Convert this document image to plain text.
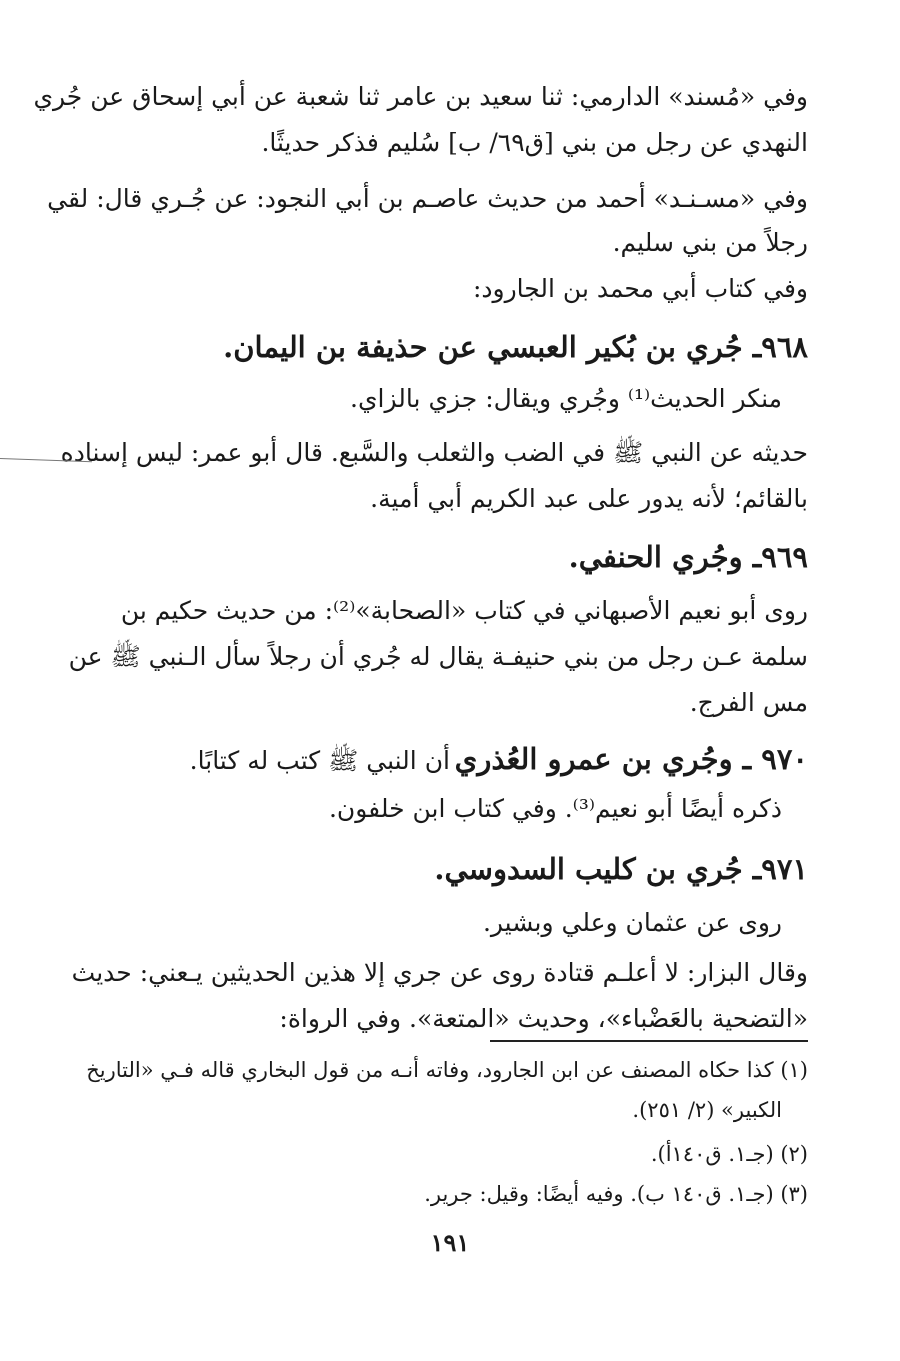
وفي «مُسند» الدارمي: ثنا سعيد بن عامر ثنا شعبة عن أبي إسحاق عن جُري

النهدي عن رجل من بني [ق٦٩/ ب] سُليم فذكر حديثًا.

وفي «مسـنـد» أحمد من حديث عاصـم بن أبي النجود: عن جُـري قال: لقي

رجلاً من بني سليم.

وفي كتاب أبي محمد بن الجارود:

٩٦٨ـ جُري بن بُكير العبسي عن حذيفة بن اليمان.

منكر الحديث⁽¹⁾ وجُري ويقال: جزي بالزاي.

حديثه عن النبي ﷺ في الضب والثعلب والسَّبع. قال أبو عمر: ليس إسناده

بالقائم؛ لأنه يدور على عبد الكريم أبي أمية.

٩٦٩ـ وجُري الحنفي.

روى أبو نعيم الأصبهاني في كتاب «الصحابة»⁽²⁾: من حديث حكيم بن

سلمة عـن رجل من بني حنيفـة يقال له جُري أن رجلاً سأل الـنبي ﷺ عن

مس الفرج.

٩٧٠ ـ وجُري بن عمرو العُذري

أن النبي ﷺ كتب له كتابًا.

ذكره أيضًا أبو نعيم⁽³⁾. وفي كتاب ابن خلفون.

٩٧١ـ جُري بن كليب السدوسي.

روى عن عثمان وعلي وبشير.

وقال البزار: لا أعلـم قتادة روى عن جري إلا هذين الحديثين يـعني: حديث

«التضحية بالعَضْباء»، وحديث «المتعة». وفي الرواة:

(١) كذا حكاه المصنف عن ابن الجارود، وفاته أنـه من قول البخاري قاله فـي «التاريخ

الكبير» (٢/ ٢٥١).

(٢) (جـ١. ق١٤٠أ).

(٣) (جـ١. ق١٤٠ ب). وفيه أيضًا: وقيل: جرير.

١٩١
